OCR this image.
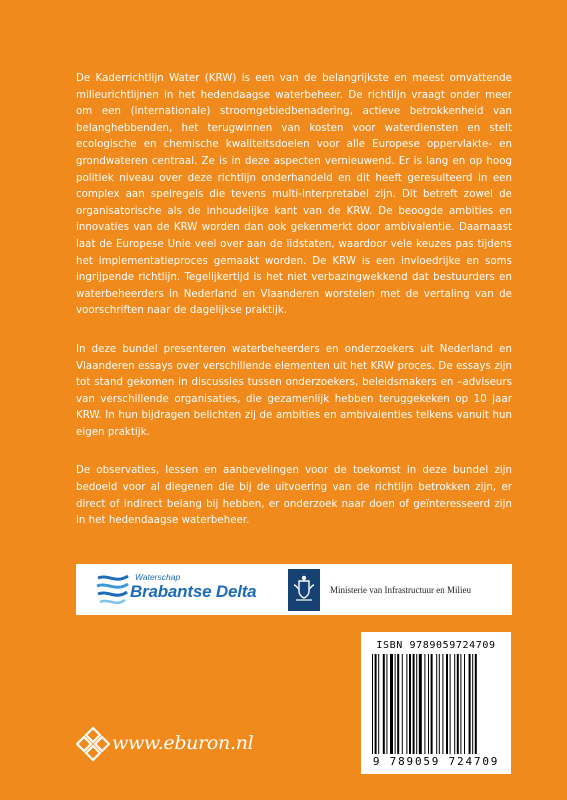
De Kaderrichtlijn Water (KRW) is een van de belangrijkste en meest omvattende milieurichtlijnen in het hedendaagse waterbeheer. De richtlijn vraagt onder meer om een (internationale) stroomgebiedbenadering, actieve betrokkenheid van belanghebbenden, het terugwinnen van kosten voor waterdiensten en stelt ecologische en chemische kwaliteitsdoelen voor alle Europese oppervlakte- en grondwateren centraal. Ze is in deze aspecten vernieuwend. Er is lang en op hoog politiek niveau over deze richtlijn onderhandeld en dit heeft geresulteerd in een complex aan spelregels die tevens multi-interpretabel zijn. Dit betreft zowel de organisatorische als de inhoudelijke kant van de KRW. De beoogde ambities en innovaties van de KRW worden dan ook gekenmerkt door ambivalentie. Daarnaast laat de Europese Unie veel over aan de lidstaten, waardoor vele keuzes pas tijdens het implementatieproces gemaakt worden. De KRW is een invloedrijke en soms ingrijpende richtlijn. Tegelijkertijd is het niet verbazingwekkend dat bestuurders en waterbeheerders in Nederland en Vlaanderen worstelen met de vertaling van de voorschriften naar de dagelijkse praktijk.

In deze bundel presenteren waterbeheerders en onderzoekers uit Nederland en Vlaanderen essays over verschillende elementen uit het KRW proces. De essays zijn tot stand gekomen in discussies tussen onderzoekers, beleidsmakers en –adviseurs van verschillende organisaties, die gezamenlijk hebben teruggekeken op 10 jaar KRW. In hun bijdragen belichten zij de ambities en ambivalenties telkens vanuit hun eigen praktijk.

De observaties, lessen en aanbevelingen voor de toekomst in deze bundel zijn bedoeld voor al diegenen die bij de uitvoering van de richtlijn betrokken zijn, er direct of indirect belang bij hebben, er onderzoek naar doen of geïnteresseerd zijn in het hedendaagse waterbeheer.

Waterschap
Brabantse Delta	Ministerie van Infrastructuur en Milieu
ISBN 9789059724709
9 789059 724709
www.eburon.nl
